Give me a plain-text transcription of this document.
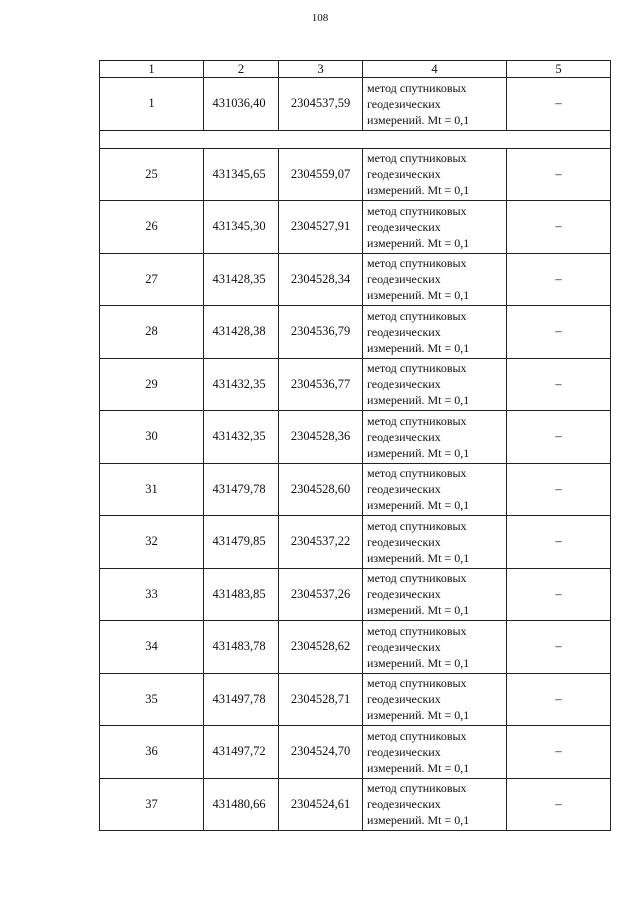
108
1	2	3	4	5
1	431036,40	2304537,59	метод спутниковых
геодезических
измерений. Mt = 0,1	–

25	431345,65	2304559,07	метод спутниковых
геодезических
измерений. Mt = 0,1	–
26	431345,30	2304527,91	метод спутниковых
геодезических
измерений. Mt = 0,1	–
27	431428,35	2304528,34	метод спутниковых
геодезических
измерений. Mt = 0,1	–
28	431428,38	2304536,79	метод спутниковых
геодезических
измерений. Mt = 0,1	–
29	431432,35	2304536,77	метод спутниковых
геодезических
измерений. Mt = 0,1	–
30	431432,35	2304528,36	метод спутниковых
геодезических
измерений. Mt = 0,1	–
31	431479,78	2304528,60	метод спутниковых
геодезических
измерений. Mt = 0,1	–
32	431479,85	2304537,22	метод спутниковых
геодезических
измерений. Mt = 0,1	–
33	431483,85	2304537,26	метод спутниковых
геодезических
измерений. Mt = 0,1	–
34	431483,78	2304528,62	метод спутниковых
геодезических
измерений. Mt = 0,1	–
35	431497,78	2304528,71	метод спутниковых
геодезических
измерений. Mt = 0,1	–
36	431497,72	2304524,70	метод спутниковых
геодезических
измерений. Mt = 0,1	–
37	431480,66	2304524,61	метод спутниковых
геодезических
измерений. Mt = 0,1	–
